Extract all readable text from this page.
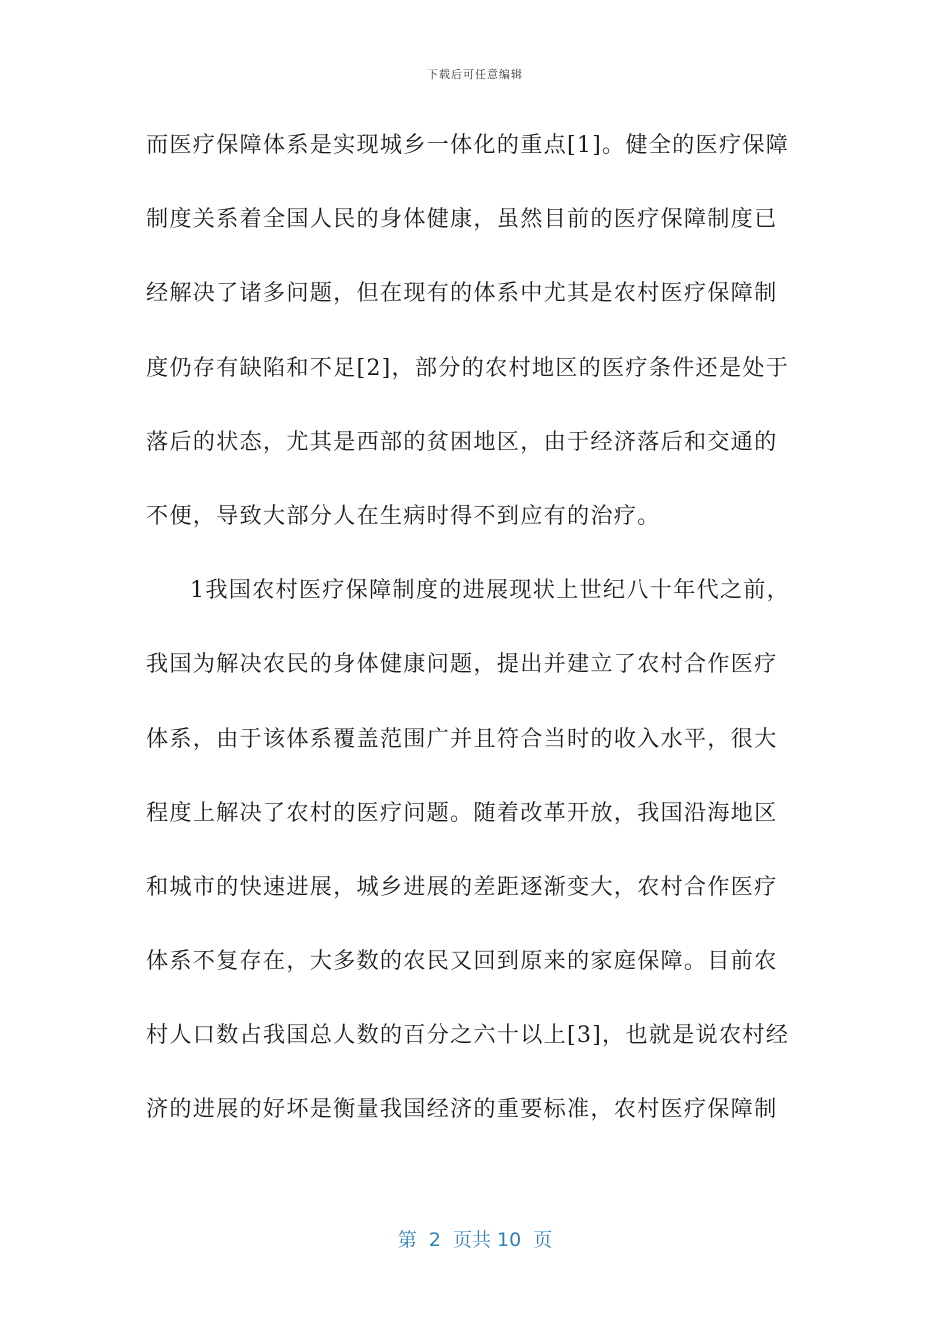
下载后可任意编辑
而医疗保障体系是实现城乡一体化的重点[1]。健全的医疗保障
制度关系着全国人民的身体健康，虽然目前的医疗保障制度已
经解决了诸多问题，但在现有的体系中尤其是农村医疗保障制
度仍存有缺陷和不足[2]，部分的农村地区的医疗条件还是处于
落后的状态，尤其是西部的贫困地区，由于经济落后和交通的
不便，导致大部分人在生病时得不到应有的治疗。
1我国农村医疗保障制度的进展现状上世纪八十年代之前，
我国为解决农民的身体健康问题，提出并建立了农村合作医疗
体系，由于该体系覆盖范围广并且符合当时的收入水平，很大
程度上解决了农村的医疗问题。随着改革开放，我国沿海地区
和城市的快速进展，城乡进展的差距逐渐变大，农村合作医疗
体系不复存在，大多数的农民又回到原来的家庭保障。目前农
村人口数占我国总人数的百分之六十以上[3]，也就是说农村经
济的进展的好坏是衡量我国经济的重要标准，农村医疗保障制
第  2  页共 10  页
